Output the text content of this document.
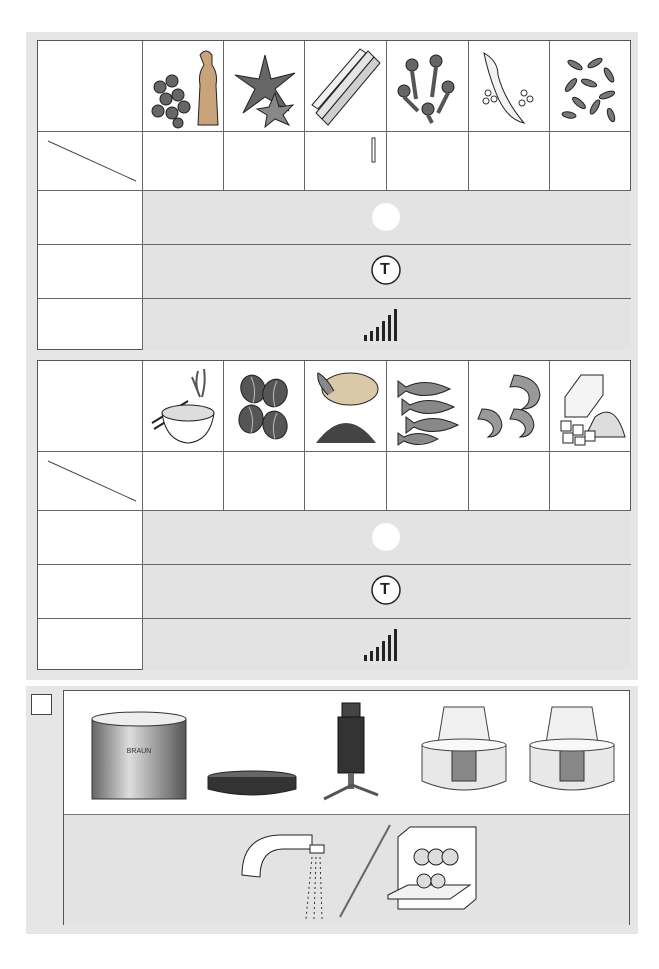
T
T
BRAUN
